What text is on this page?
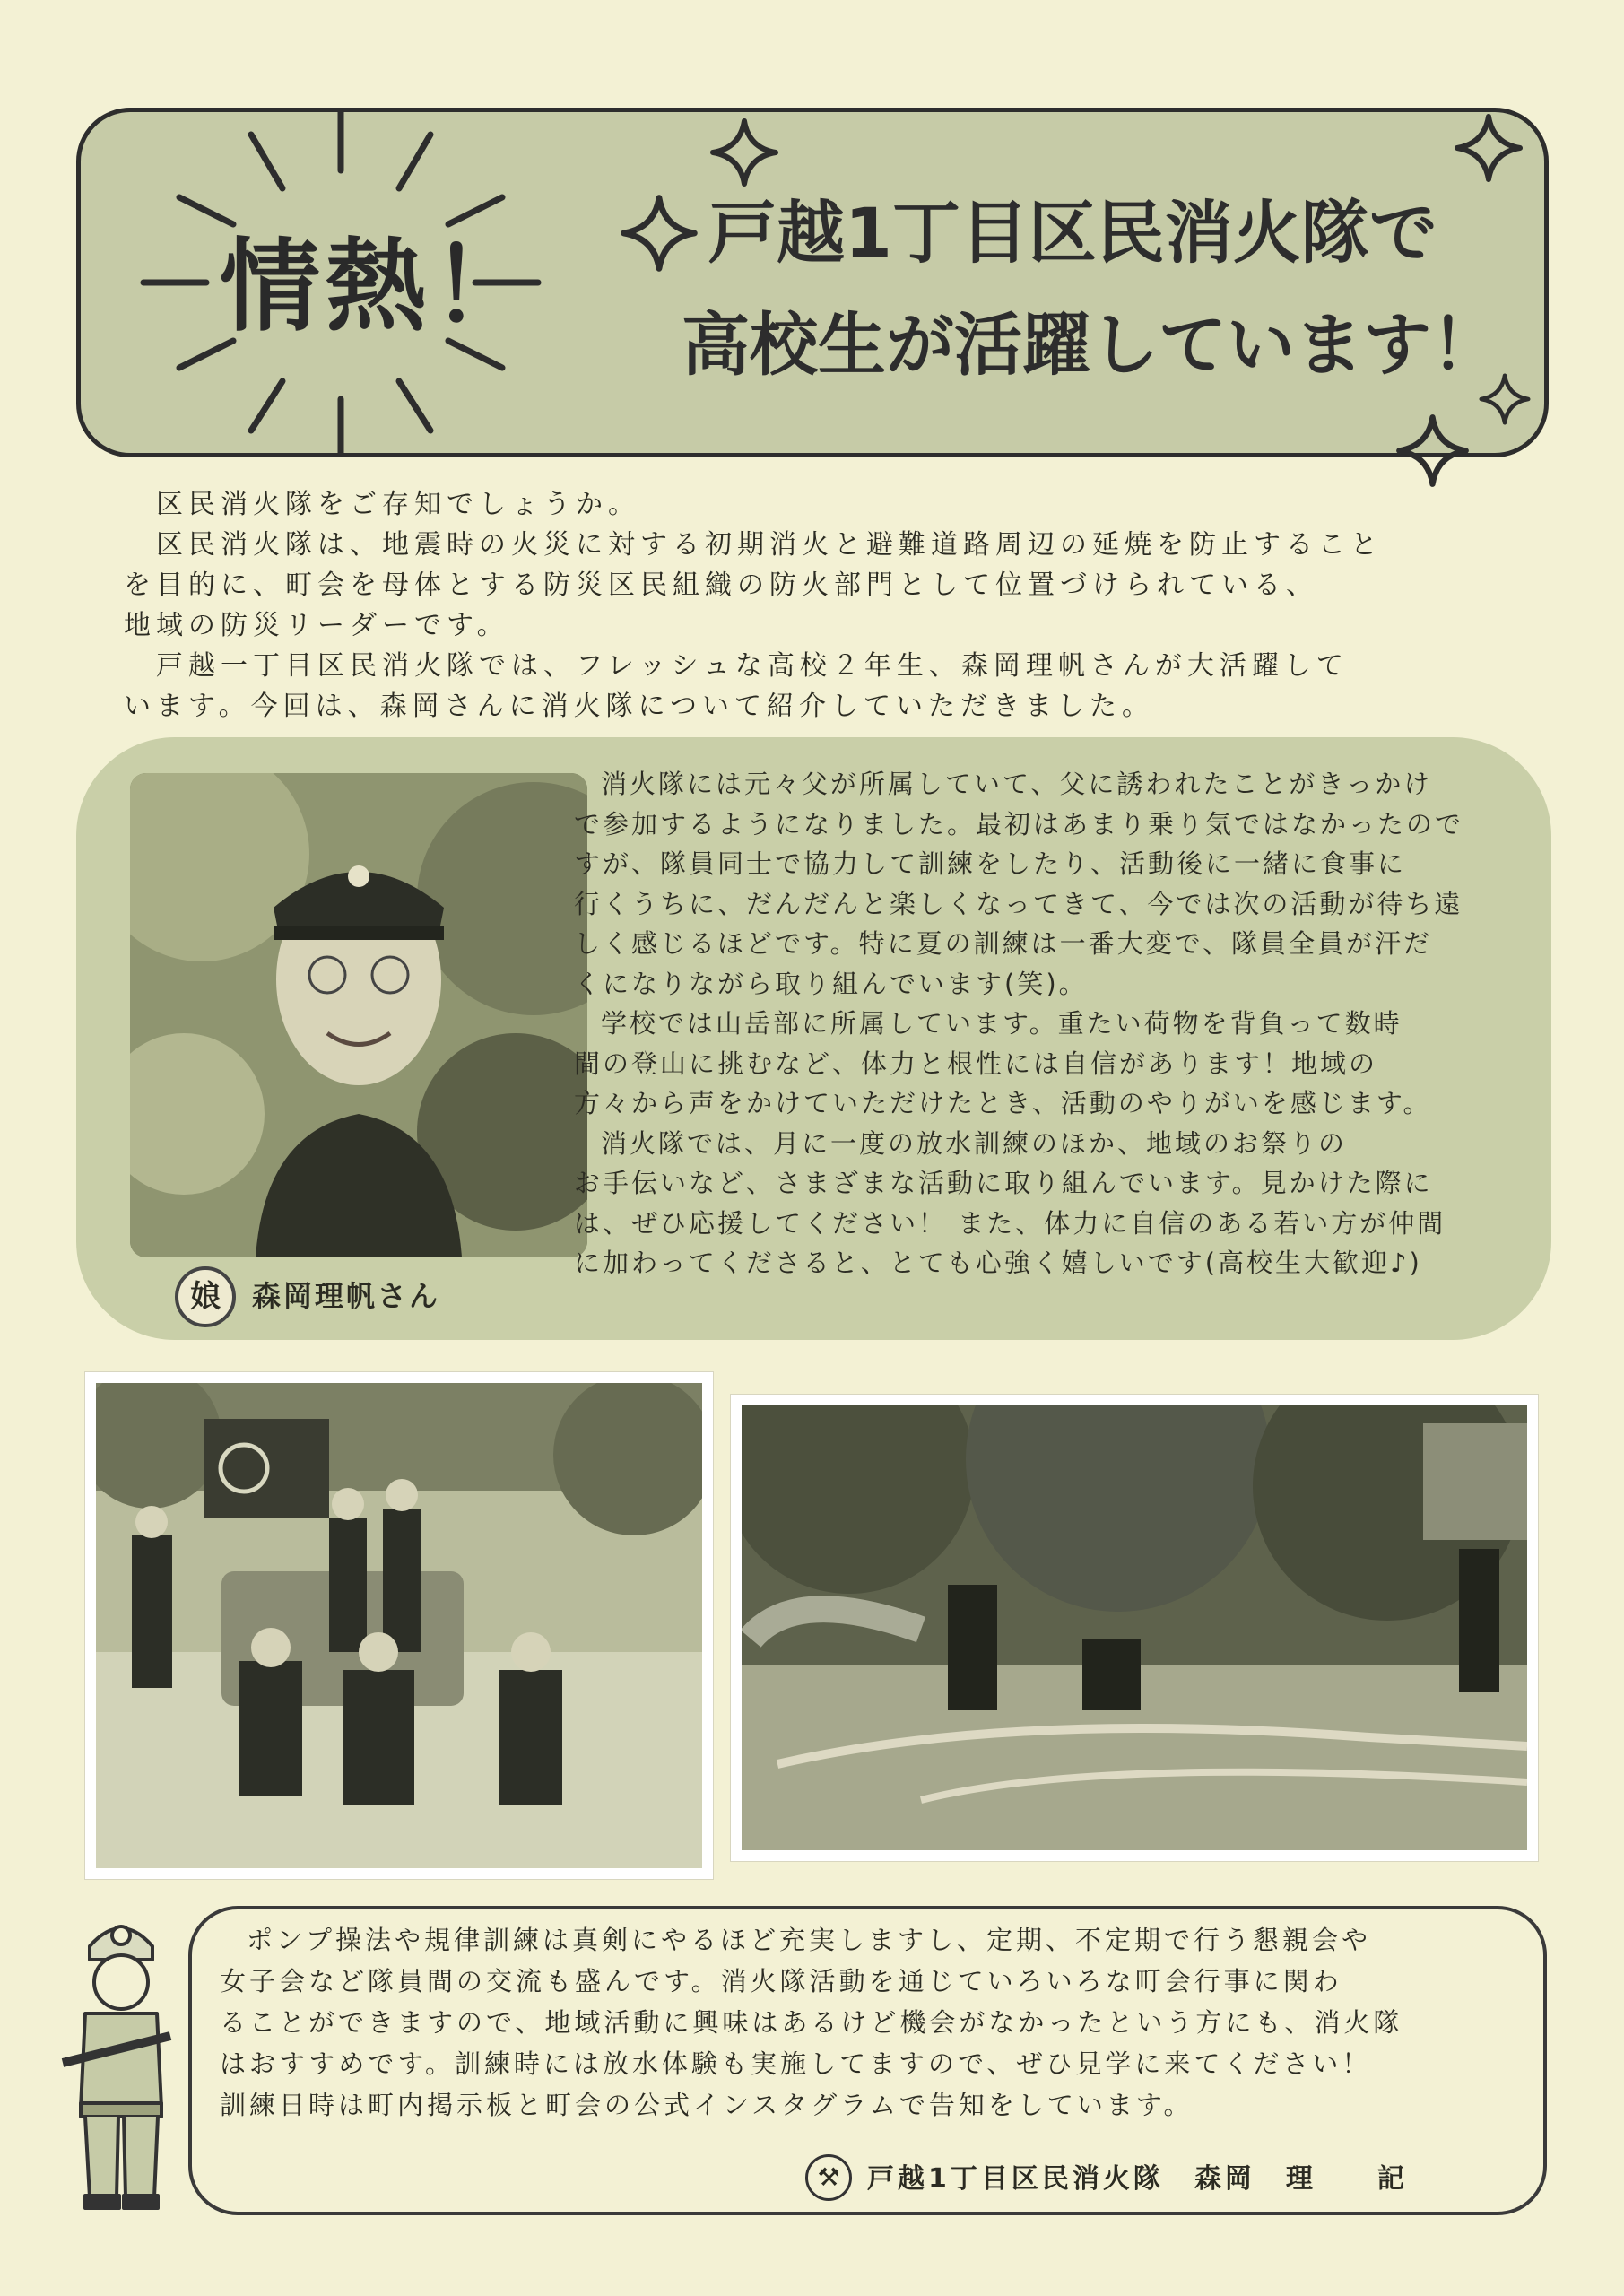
情熱！	戸越1丁目区民消火隊で
高校生が活躍しています！

区民消火隊をご存知でしょうか。

区民消火隊は、地震時の火災に対する初期消火と避難道路周辺の延焼を防止すること

を目的に、町会を母体とする防災区民組織の防火部門として位置づけられている、

地域の防災リーダーです。

戸越一丁目区民消火隊では、フレッシュな高校２年生、森岡理帆さんが大活躍して

います。今回は、森岡さんに消火隊について紹介していただきました。

娘	森岡理帆さん

消火隊には元々父が所属していて、父に誘われたことがきっかけ

で参加するようになりました。最初はあまり乗り気ではなかったので

すが、隊員同士で協力して訓練をしたり、活動後に一緒に食事に

行くうちに、だんだんと楽しくなってきて、今では次の活動が待ち遠

しく感じるほどです。特に夏の訓練は一番大変で、隊員全員が汗だ

くになりながら取り組んでいます(笑)。

学校では山岳部に所属しています。重たい荷物を背負って数時

間の登山に挑むなど、体力と根性には自信があります！地域の

方々から声をかけていただけたとき、活動のやりがいを感じます。

消火隊では、月に一度の放水訓練のほか、地域のお祭りの

お手伝いなど、さまざまな活動に取り組んでいます。見かけた際に

は、ぜひ応援してください！ また、体力に自信のある若い方が仲間

に加わってくださると、とても心強く嬉しいです(高校生大歓迎♪)

ポンプ操法や規律訓練は真剣にやるほど充実しますし、定期、不定期で行う懇親会や

女子会など隊員間の交流も盛んです。消火隊活動を通じていろいろな町会行事に関わ

ることができますので、地域活動に興味はあるけど機会がなかったという方にも、消火隊

はおすすめです。訓練時には放水体験も実施してますので、ぜひ見学に来てください！

訓練日時は町内掲示板と町会の公式インスタグラムで告知をしています。

⚒	戸越1丁目区民消火隊　森岡　理　　記
